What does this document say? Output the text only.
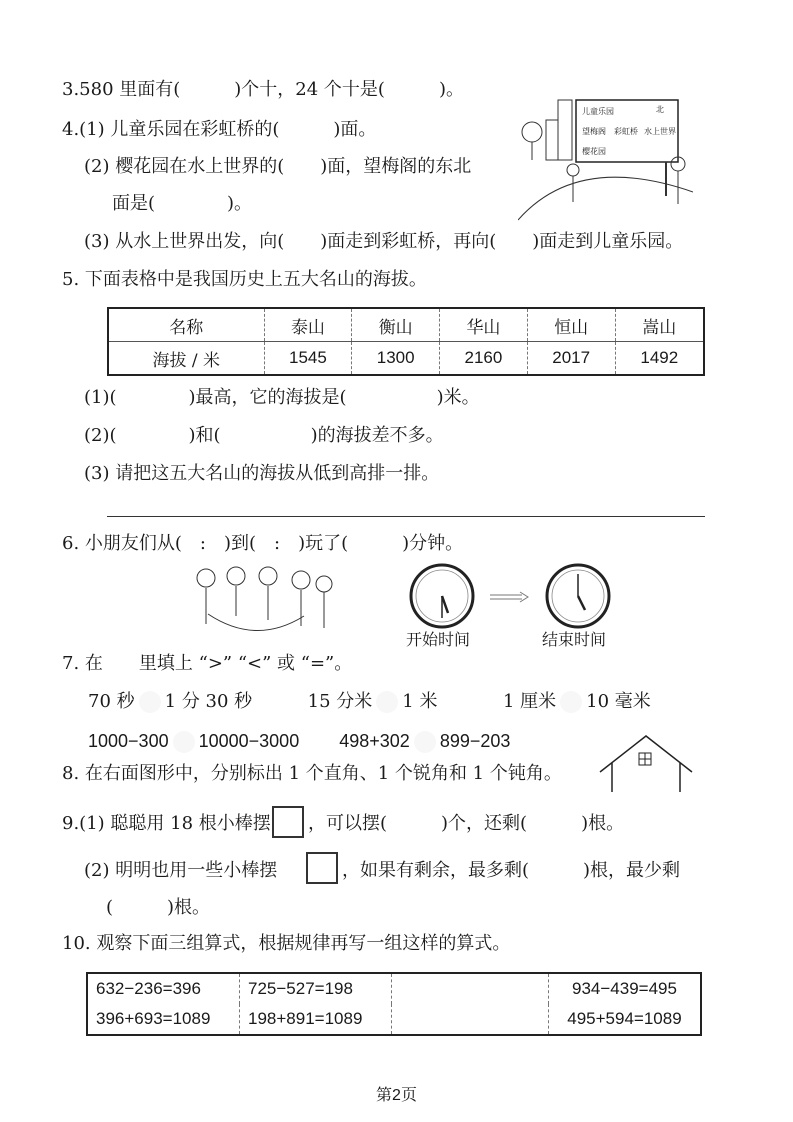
3.580 里面有(　　　)个十，24 个十是(　　　)。
4.(1) 儿童乐园在彩虹桥的(　　　)面。
(2) 樱花园在水上世界的(　　)面，望梅阁的东北
面是(　　　　)。
(3) 从水上世界出发，向(　　)面走到彩虹桥，再向(　　)面走到儿童乐园。
北
儿童乐园
望梅阁 彩虹桥 水上世界
樱花园
5. 下面表格中是我国历史上五大名山的海拔。
名称	泰山	衡山	华山	恒山	嵩山
海拔 / 米	1545	1300	2160	2017	1492
(1)(　　　　)最高，它的海拔是(　　　　　)米。
(2)(　　　　)和(　　　　　)的海拔差不多。
(3) 请把这五大名山的海拔从低到高排一排。
6. 小朋友们从(　:　)到(　:　)玩了(　　　)分钟。
开始时间	结束时间
7. 在　　里填上 “>” “<” 或 “=”。
70 秒 1 分 30 秒	15 分米 1 米	1 厘米 10 毫米
1000−300 10000−3000 498+302 899−203
8. 在右面图形中，分别标出 1 个直角、1 个锐角和 1 个钝角。
9.(1) 聪聪用 18 根小棒摆 ，可以摆(　　　)个，还剩(　　　)根。
(2) 明明也用一些小棒摆	，如果有剩余，最多剩(　　　)根，最少剩
(　　　)根。
10. 观察下面三组算式，根据规律再写一组这样的算式。
632−236=396	725−527=198		934−439=495
396+693=1089	198+891=1089		495+594=1089
第2页
